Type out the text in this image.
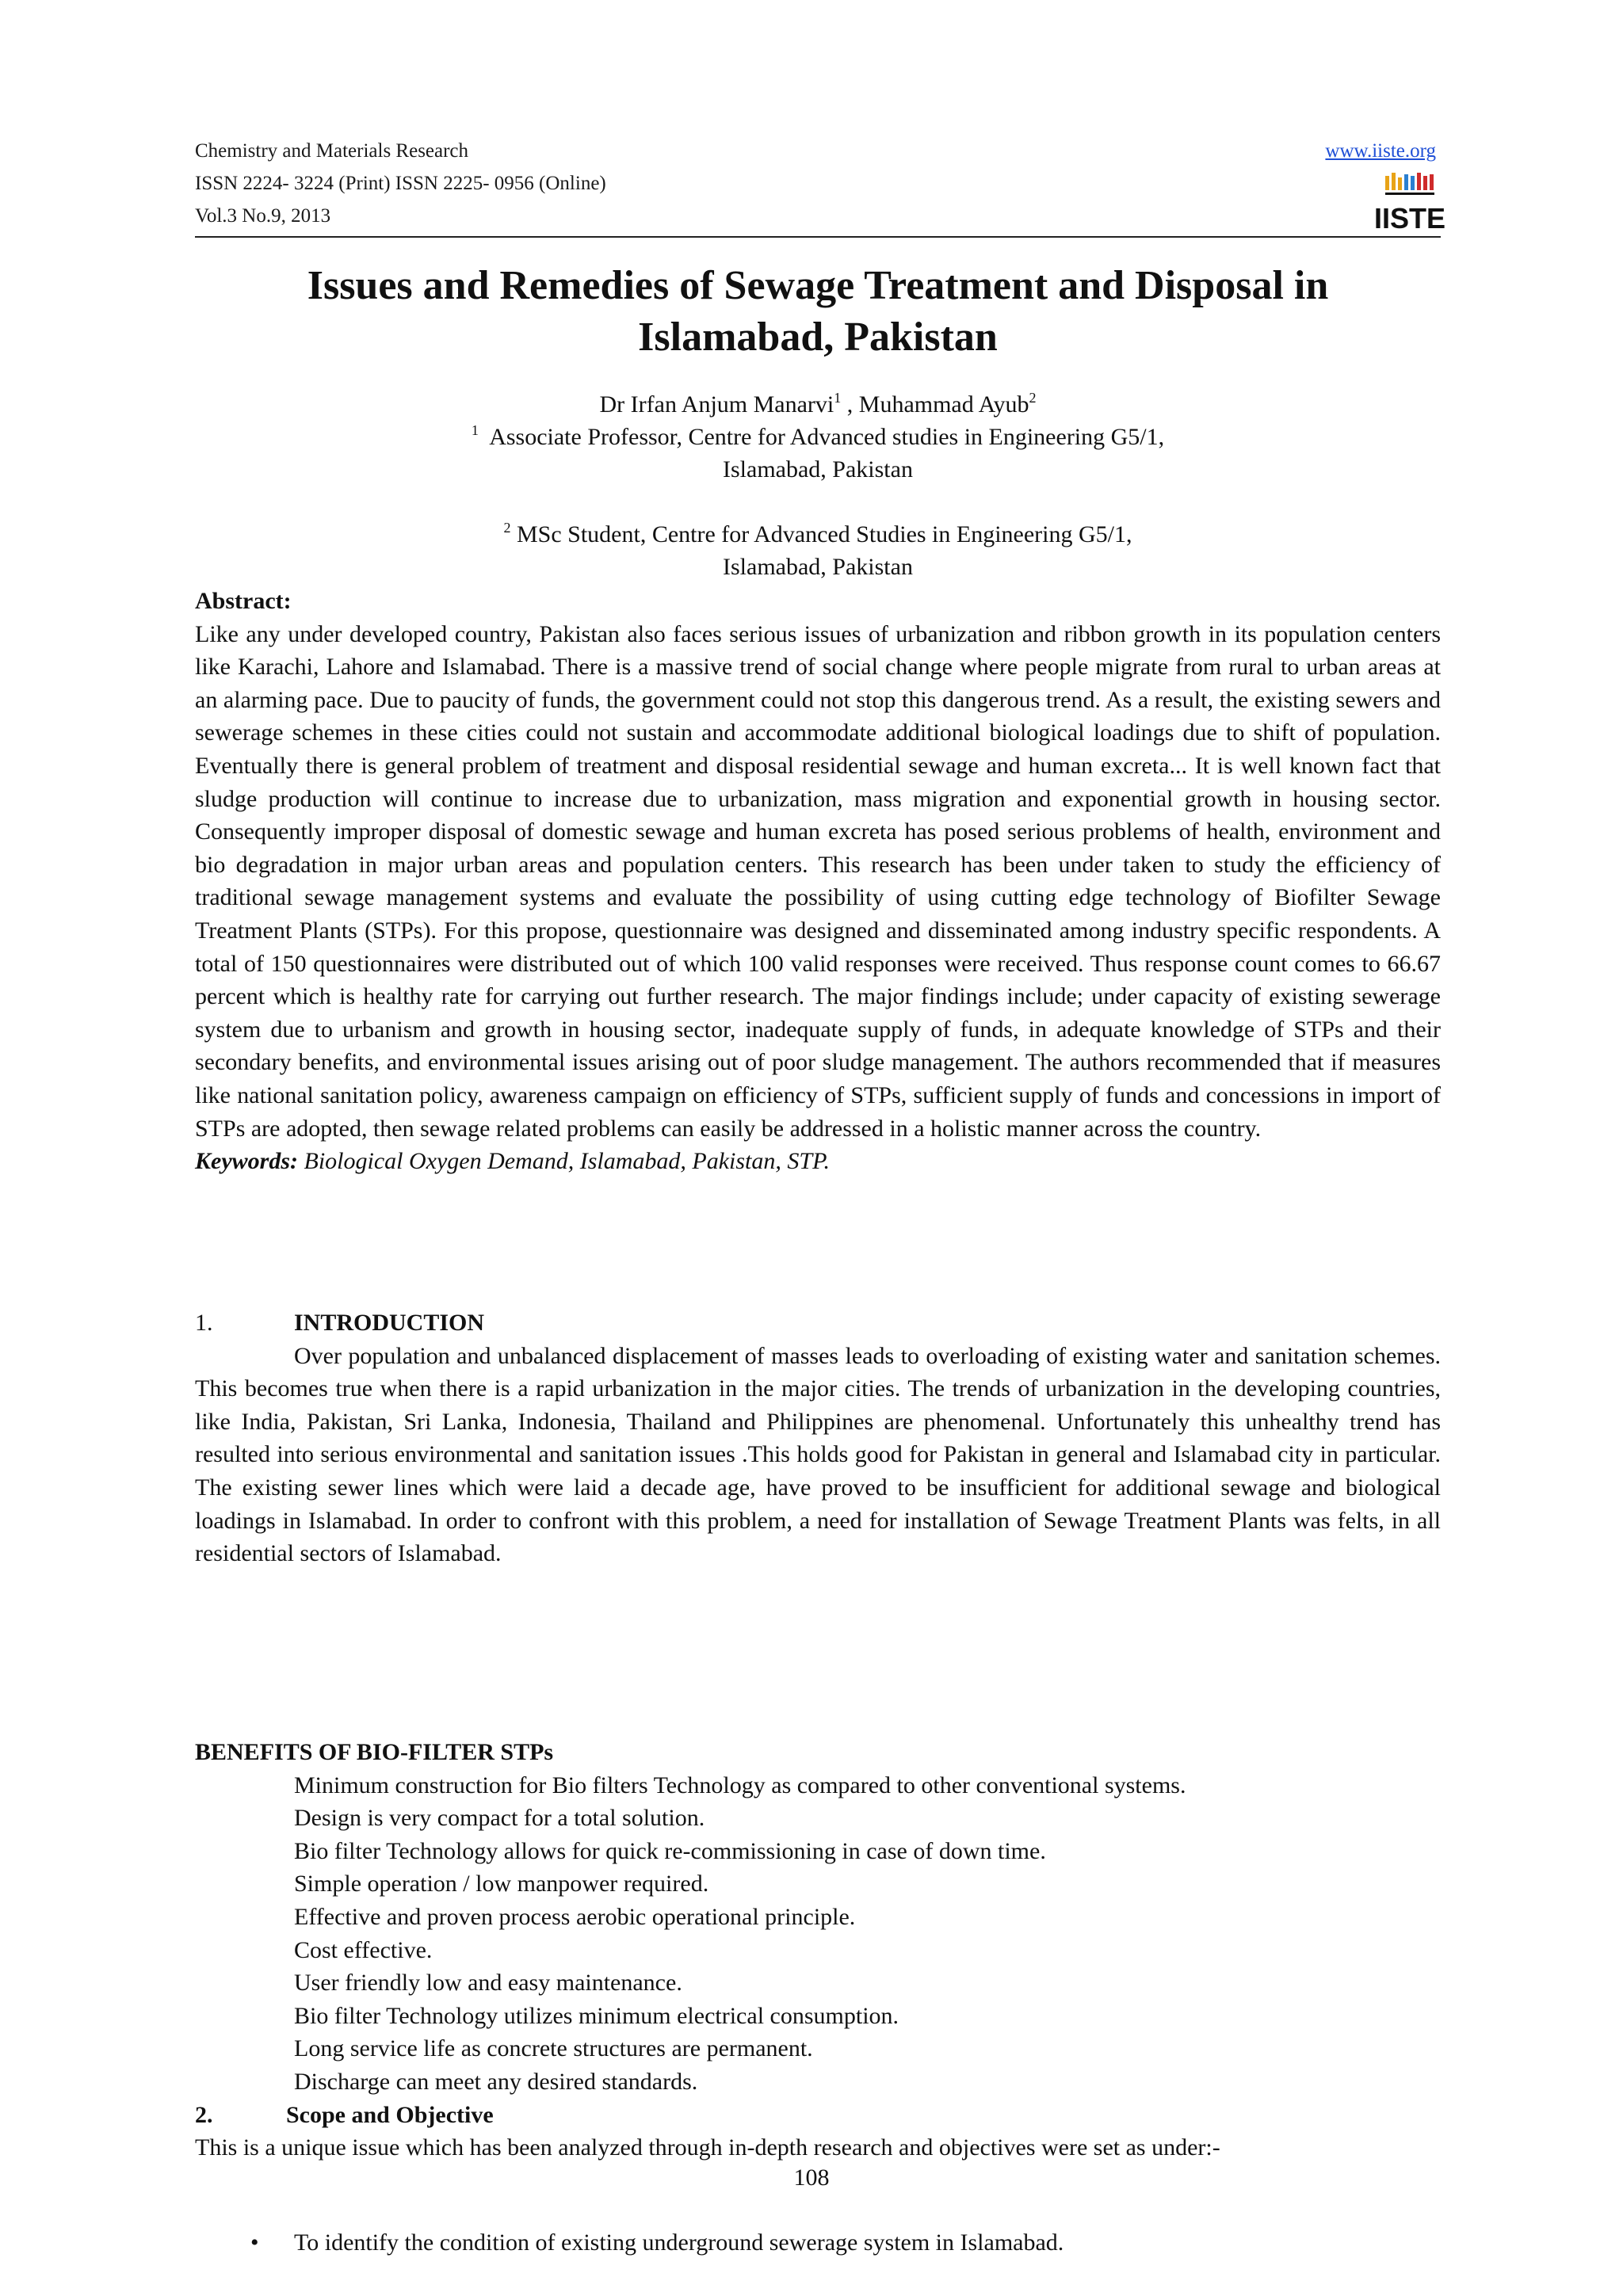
Chemistry and Materials Research
ISSN 2224- 3224 (Print) ISSN 2225- 0956 (Online)
Vol.3 No.9, 2013
www.iiste.org
IISTE
Issues and Remedies of Sewage Treatment and Disposal in
Islamabad, Pakistan
Dr Irfan Anjum Manarvi$^1$ , Muhammad Ayub$^2$
$^1$ Associate Professor, Centre for Advanced studies in Engineering G5/1,
Islamabad, Pakistan
$^2$ MSc Student, Centre for Advanced Studies in Engineering G5/1,
Islamabad, Pakistan
Abstract:
Like any under developed country, Pakistan also faces serious issues of urbanization and ribbon growth in its population centers like Karachi, Lahore and Islamabad. There is a massive trend of social change where people migrate from rural to urban areas at an alarming pace. Due to paucity of funds, the government could not stop this dangerous trend. As a result, the existing sewers and sewerage schemes in these cities could not sustain and accommodate additional biological loadings due to shift of population. Eventually there is general problem of treatment and disposal residential sewage and human excreta... It is well known fact that sludge production will continue to increase due to urbanization, mass migration and exponential growth in housing sector. Consequently improper disposal of domestic sewage and human excreta has posed serious problems of health, environment and bio degradation in major urban areas and population centers. This research has been under taken to study the efficiency of traditional sewage management systems and evaluate the possibility of using cutting edge technology of Biofilter Sewage Treatment Plants (STPs). For this propose, questionnaire was designed and disseminated among industry specific respondents. A total of 150 questionnaires were distributed out of which 100 valid responses were received. Thus response count comes to 66.67 percent which is healthy rate for carrying out further research. The major findings include; under capacity of existing sewerage system due to urbanism and growth in housing sector, inadequate supply of funds, in adequate knowledge of STPs and their secondary benefits, and environmental issues arising out of poor sludge management. The authors recommended that if measures like national sanitation policy, awareness campaign on efficiency of STPs, sufficient supply of funds and concessions in import of STPs are adopted, then sewage related problems can easily be addressed in a holistic manner across the country.
Keywords: Biological Oxygen Demand, Islamabad, Pakistan, STP.
1.	INTRODUCTION
Over population and unbalanced displacement of masses leads to overloading of existing water and sanitation schemes. This becomes true when there is a rapid urbanization in the major cities. The trends of urbanization in the developing countries, like India, Pakistan, Sri Lanka, Indonesia, Thailand and Philippines are phenomenal. Unfortunately this unhealthy trend has resulted into serious environmental and sanitation issues .This holds good for Pakistan in general and Islamabad city in particular. The existing sewer lines which were laid a decade age, have proved to be insufficient for additional sewage and biological loadings in Islamabad. In order to confront with this problem, a need for installation of Sewage Treatment Plants was felts, in all residential sectors of Islamabad.
BENEFITS OF BIO-FILTER STPs
Minimum construction for Bio filters Technology as compared to other conventional systems.
Design is very compact for a total solution.
Bio filter Technology allows for quick re-commissioning in case of down time.
Simple operation / low manpower required.
Effective and proven process aerobic operational principle.
Cost effective.
User friendly low and easy maintenance.
Bio filter Technology utilizes minimum electrical consumption.
Long service life as concrete structures are permanent.
Discharge can meet any desired standards.
2.	Scope and Objective
This is a unique issue which has been analyzed through in-depth research and objectives were set as under:-
• To identify the condition of existing underground sewerage system in Islamabad.
108
